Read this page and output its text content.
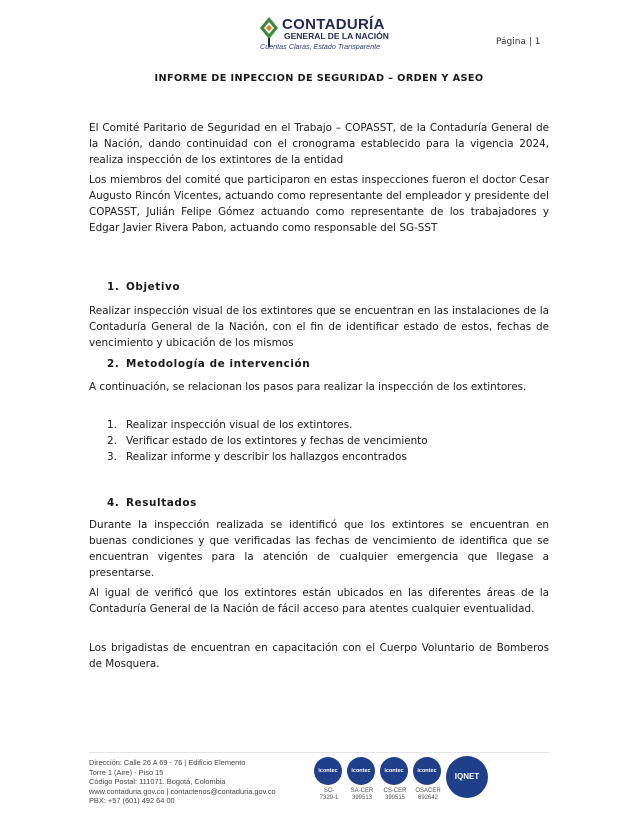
CONTADURÍA
GENERAL DE LA NACIÓN
Cuentas Claras, Estado Transparente	Página | 1
INFORME DE INPECCION DE SEGURIDAD – ORDEN Y ASEO

El Comité Paritario de Seguridad en el Trabajo – COPASST, de la Contaduría General de la Nación, dando continuidad con el cronograma establecido para la vigencia 2024, realiza inspección de los extintores de la entidad

Los miembros del comité que participaron en estas inspecciones fueron el doctor Cesar Augusto Rincón Vicentes, actuando como representante del empleador y presidente del COPASST, Julián Felipe Gómez actuando como representante de los trabajadores y Edgar Javier Rivera Pabon, actuando como responsable del SG-SST

1. Objetivo

Realizar inspección visual de los extintores que se encuentran en las instalaciones de la Contaduría General de la Nación, con el fin de identificar estado de estos, fechas de vencimiento y ubicación de los mismos

2. Metodología de intervención

A continuación, se relacionan los pasos para realizar la inspección de los extintores.

1. Realizar inspección visual de los extintores.
2. Verificar estado de los extintores y fechas de vencimiento
3. Realizar informe y describir los hallazgos encontrados
4. Resultados

Durante la inspección realizada se identificó que los extintores se encuentran en buenas condiciones y que verificadas las fechas de vencimiento de identifica que se encuentran vigentes para la atención de cualquier emergencia que llegase a presentarse.

Al igual de verificó que los extintores están ubicados en las diferentes áreas de la Contaduría General de la Nación de fácil acceso para atentes cualquier eventualidad.

Los brigadistas de encuentran en capacitación con el Cuerpo Voluntario de Bomberos de Mosquera.

Dirección: Calle 26 A 69 - 76 | Edificio Elemento
Torre 1 (Aire) - Piso 15
Código Postal: 111071. Bogotá, Colombia
www.contaduria.gov.co | contactenos@contaduria.gov.co
PBX: +57 (601) 492 64 00
icontec
SC-
7329-1
icontec
SA-CER
399513
icontec
CS-CER
399515
icontec
OSACER
692642
IQNET
